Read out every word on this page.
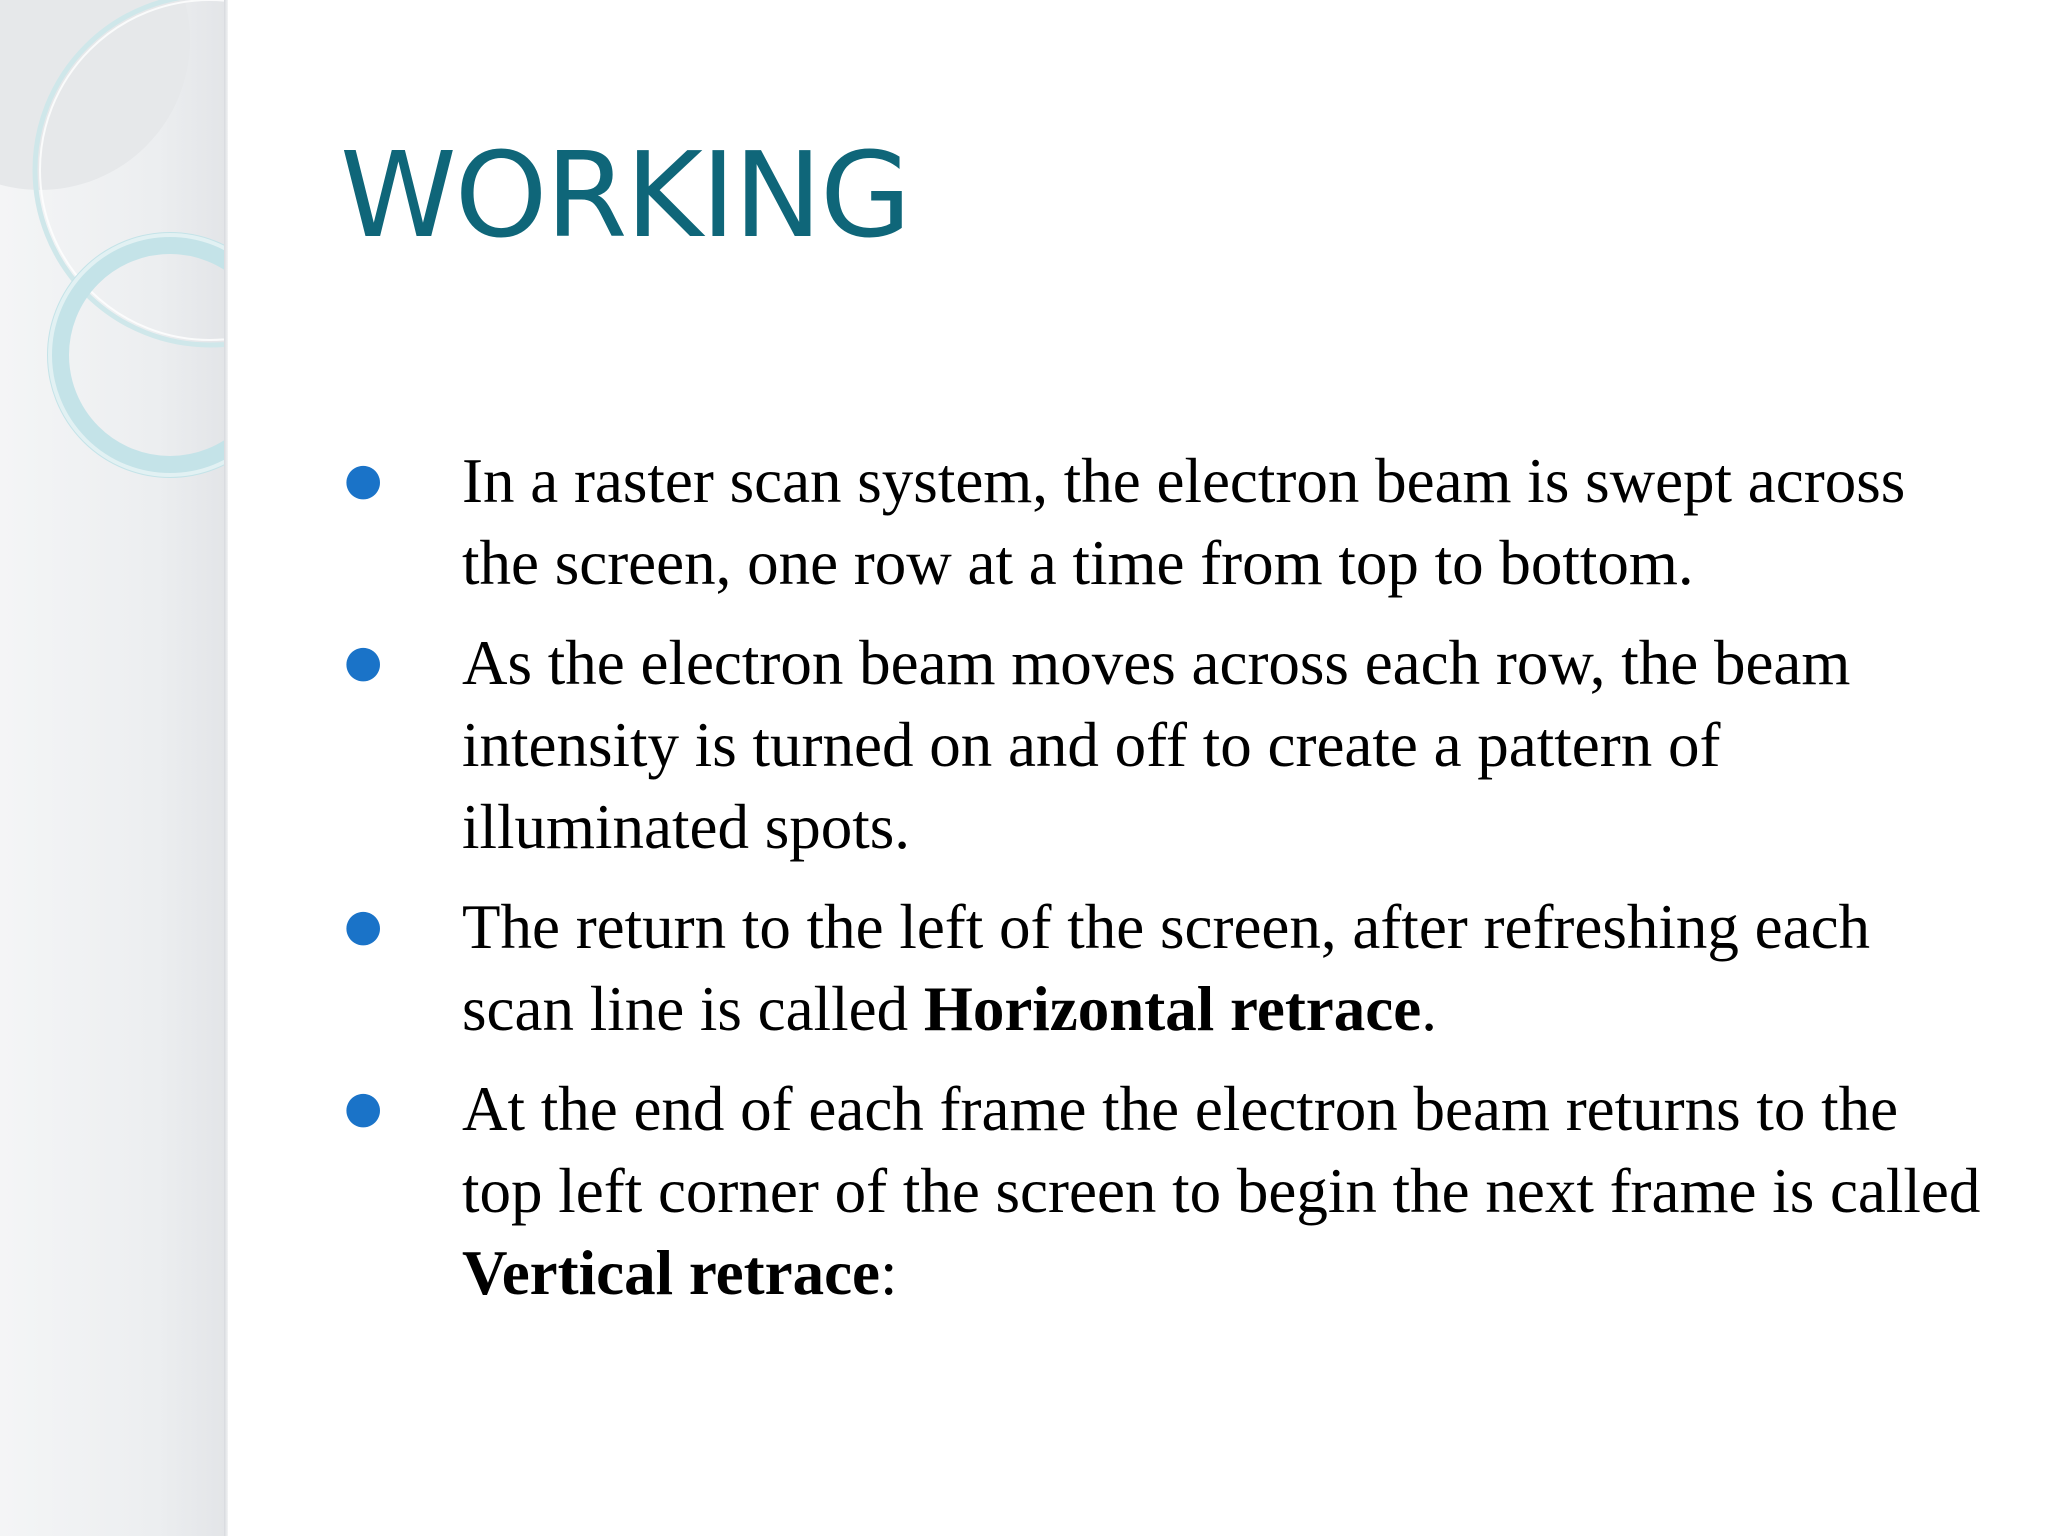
WORKING
● In a raster scan system, the electron beam is swept across the screen, one row at a time from top to bottom.
● As the electron beam moves across each row, the beam intensity is turned on and off to create a pattern of illuminated spots.
● The return to the left of the screen, after refreshing each scan line is called Horizontal retrace.
● At the end of each frame the electron beam returns to the top left corner of the screen to begin the next frame is called Vertical retrace:
